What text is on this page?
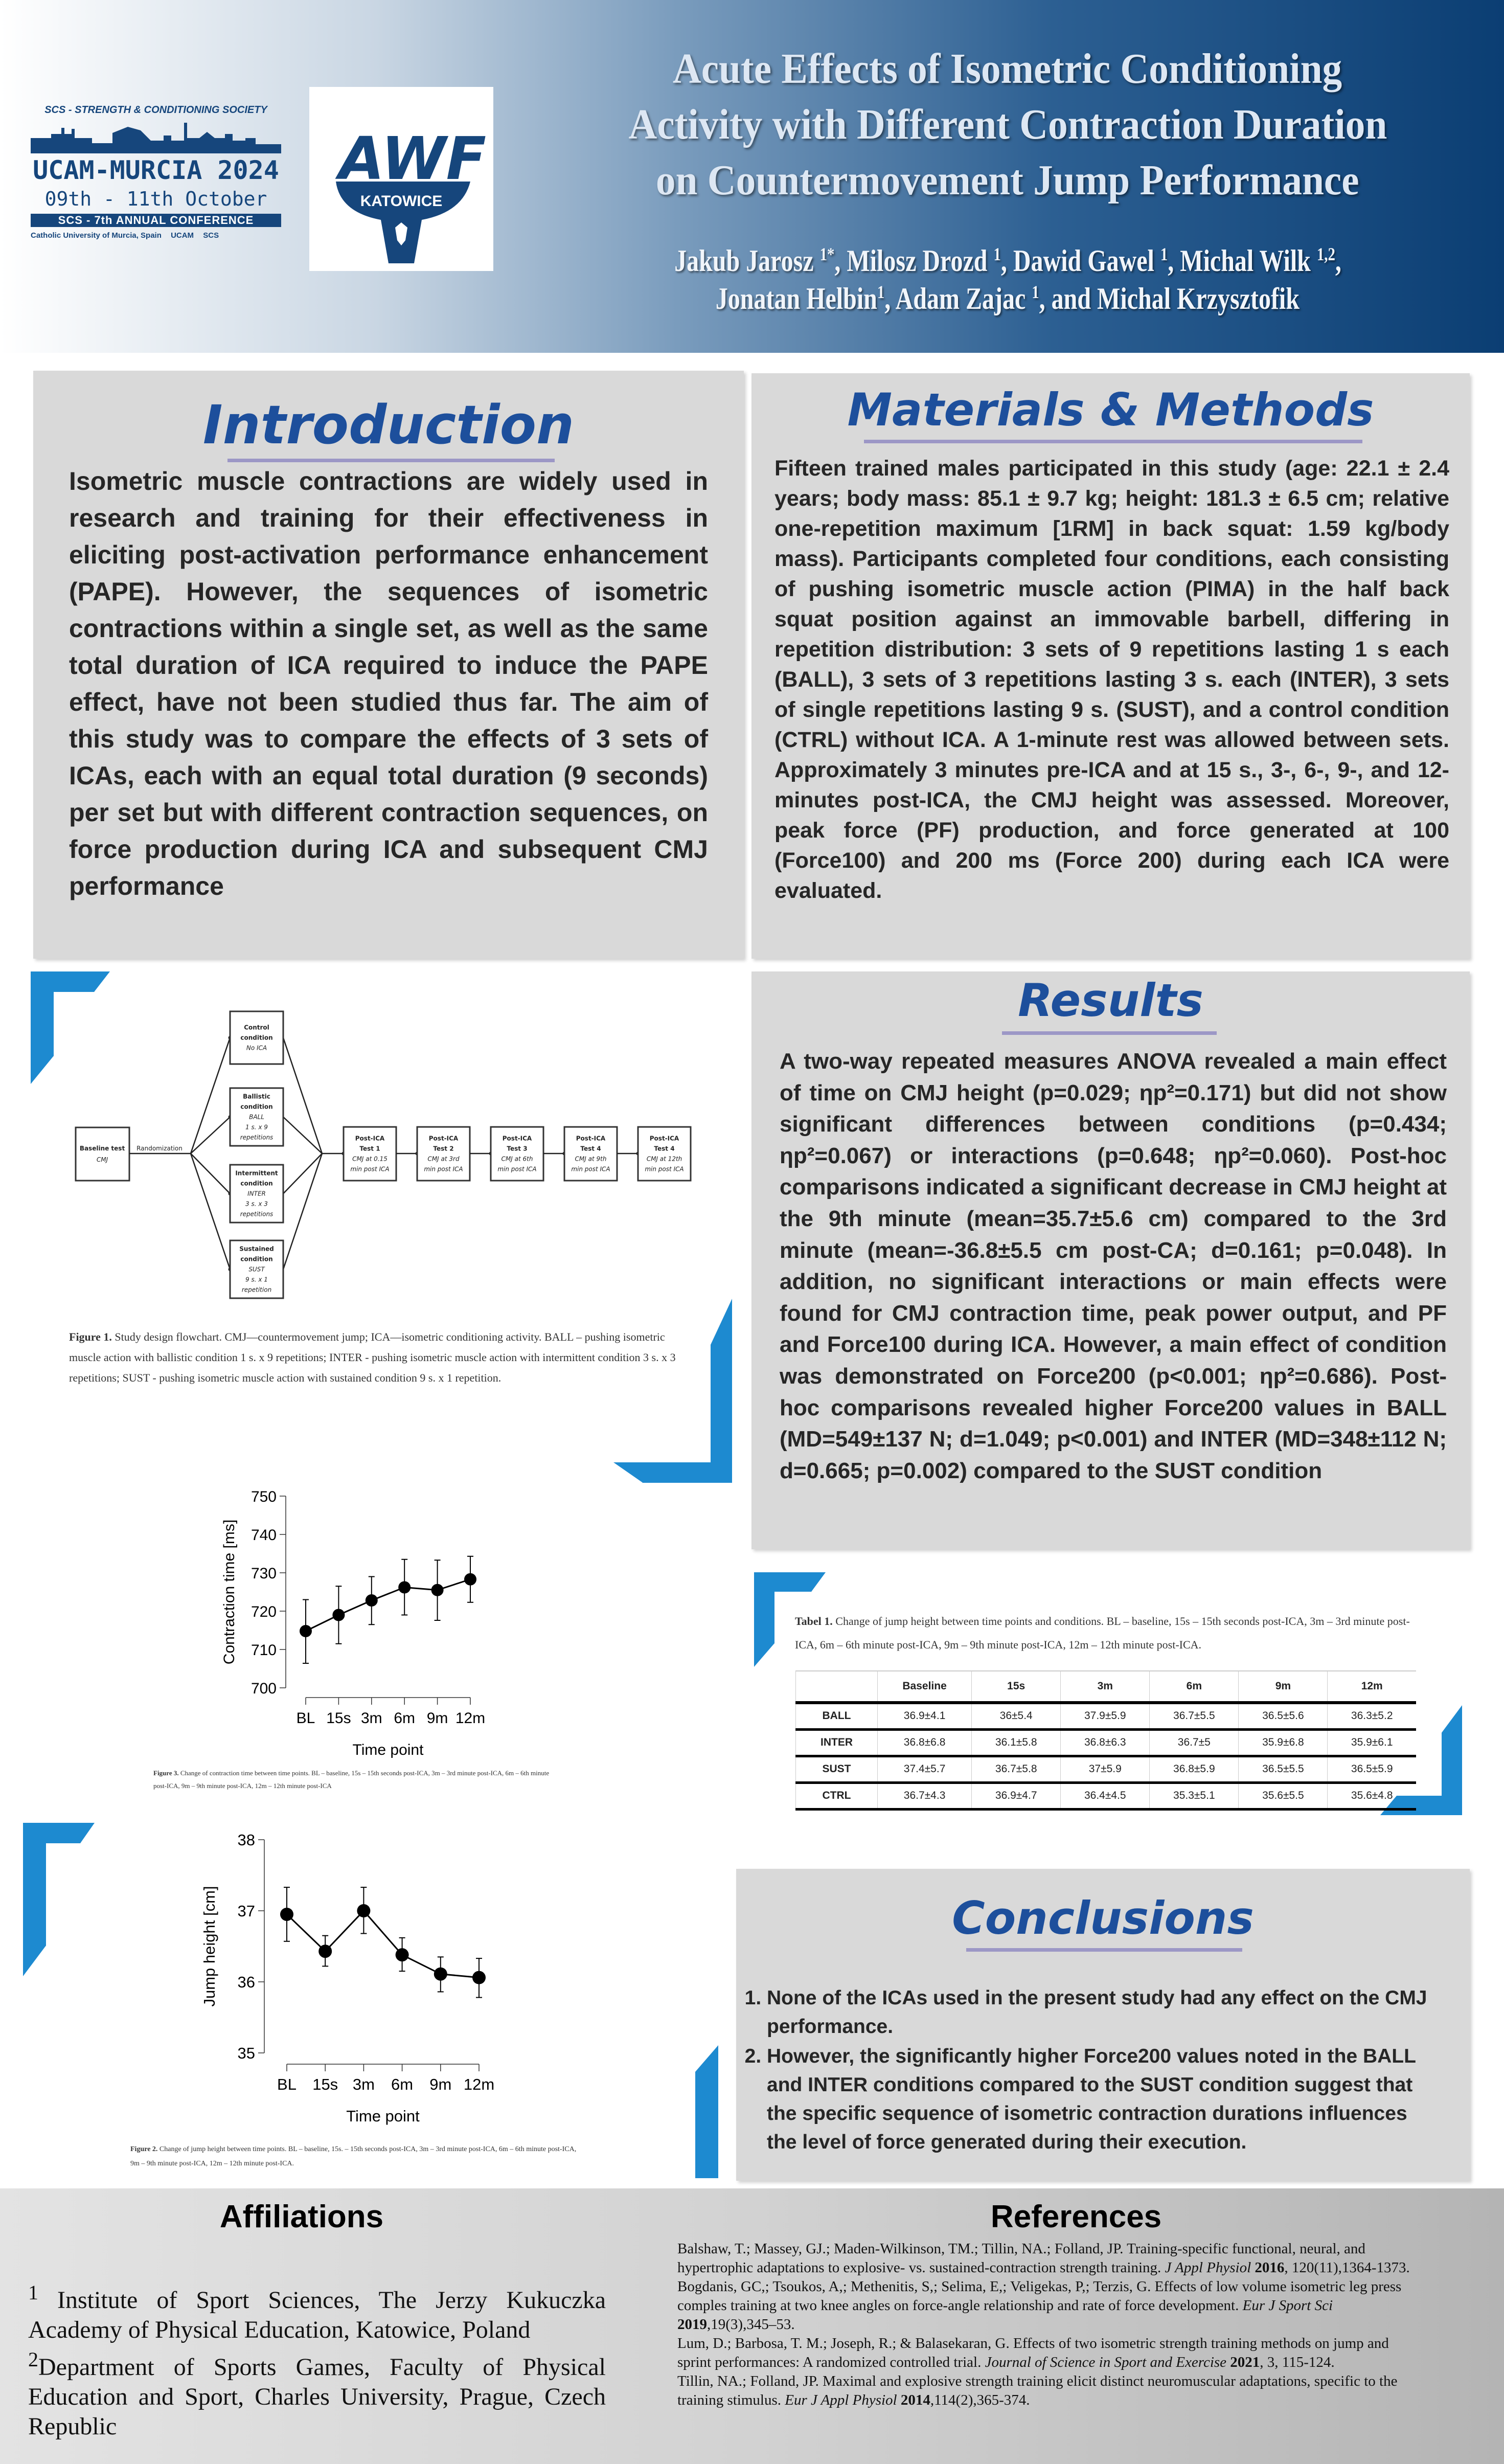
SCS - STRENGTH & CONDITIONING SOCIETY
UCAM-MURCIA 2024
09th - 11th October
SCS - 7th ANNUAL CONFERENCE
Catholic University of Murcia, Spain UCAM SCS
AWF
KATOWICE
Acute Effects of Isometric Conditioning
Activity with Different Contraction Duration
on Countermovement Jump Performance
Jakub Jarosz $^{1*}$, Milosz Drozd $^1$, Dawid Gawel $^1$, Michal Wilk $^{1,2}$,
Jonatan Helbin$^1$, Adam Zajac $^1$, and Michal Krzysztofik
Introduction
Isometric muscle contractions are widely used in research and training for their effectiveness in eliciting post-activation performance enhancement (PAPE). However, the sequences of isometric contractions within a single set, as well as the same total duration of ICA required to induce the PAPE effect, have not been studied thus far. The aim of this study was to compare the effects of 3 sets of ICAs, each with an equal total duration (9 seconds) per set but with different contraction sequences, on force production during ICA and subsequent CMJ performance
Materials & Methods
Fifteen trained males participated in this study (age: 22.1 ± 2.4 years; body mass: 85.1 ± 9.7 kg; height: 181.3 ± 6.5 cm; relative one-repetition maximum [1RM] in back squat: 1.59 kg/body mass). Participants completed four conditions, each consisting of pushing isometric muscle action (PIMA) in the half back squat position against an immovable barbell, differing in repetition distribution: 3 sets of 9 repetitions lasting 1 s each (BALL), 3 sets of 3 repetitions lasting 3 s. each (INTER), 3 sets of single repetitions lasting 9 s. (SUST), and a control condition (CTRL) without ICA. A 1-minute rest was allowed between sets. Approximately 3 minutes pre-ICA and at 15 s., 3-, 6-, 9-, and 12-minutes post-ICA, the CMJ height was assessed. Moreover, peak force (PF) production, and force generated at 100 (Force100) and 200 ms (Force 200) during each ICA were evaluated.
Results
A two-way repeated measures ANOVA revealed a main effect of time on CMJ height (p=0.029; ηp²=0.171) but did not show significant differences between conditions (p=0.434; ηp²=0.067) or interactions (p=0.648; ηp²=0.060). Post-hoc comparisons indicated a significant decrease in CMJ height at the 9th minute (mean=35.7±5.6 cm) compared to the 3rd minute (mean=-36.8±5.5 cm post-CA; d=0.161; p=0.048). In addition, no significant interactions or main effects were found for CMJ contraction time, peak power output, and PF and Force100 during ICA. However, a main effect of condition was demonstrated on Force200 (p<0.001; ηp²=0.686). Post-hoc comparisons revealed higher Force200 values in BALL (MD=549±137 N; d=1.049; p<0.001) and INTER (MD=348±112 N; d=0.665; p=0.002) compared to the SUST condition
Baseline test
CMJ
Randomization
Control
condition
No ICA
Ballistic
condition
BALL
1 s. x 9
repetitions
Intermittent
condition
INTER
3 s. x 3
repetitions
Sustained
condition
SUST
9 s. x 1
repetition
Post-ICA
Test 1
CMJ at 0.15
min post ICA
Post-ICA
Test 2
CMJ at 3rd
min post ICA
Post-ICA
Test 3
CMJ at 6th
min post ICA
Post-ICA
Test 4
CMJ at 9th
min post ICA
Post-ICA
Test 4
CMJ at 12th
min post ICA
Figure 1. Study design flowchart. CMJ—countermovement jump; ICA—isometric conditioning activity. BALL – pushing isometric muscle action with ballistic condition 1 s. x 9 repetitions; INTER - pushing isometric muscle action with intermittent condition 3 s. x 3 repetitions; SUST - pushing isometric muscle action with sustained condition 9 s. x 1 repetition.
700
710
720
730
740
750
BL 15s 3m 6m 9m 12m
Time point
Contraction time [ms]
Figure 3. Change of contraction time between time points. BL – baseline, 15s – 15th seconds post-ICA, 3m – 3rd minute post-ICA, 6m – 6th minute post-ICA, 9m – 9th minute post-ICA, 12m – 12th minute post-ICA
35
36
37
38
BL 15s 3m 6m 9m 12m
Time point
Jump height [cm]
Figure 2. Change of jump height between time points. BL – baseline, 15s. – 15th seconds post-ICA, 3m – 3rd minute post-ICA, 6m – 6th minute post-ICA, 9m – 9th minute post-ICA, 12m – 12th minute post-ICA.
Tabel 1. Change of jump height between time points and conditions. BL – baseline, 15s – 15th seconds post-ICA, 3m – 3rd minute post-ICA, 6m – 6th minute post-ICA, 9m – 9th minute post-ICA, 12m – 12th minute post-ICA.
	Baseline	15s	3m	6m	9m	12m
BALL	36.9±4.1	36±5.4	37.9±5.9	36.7±5.5	36.5±5.6	36.3±5.2
INTER	36.8±6.8	36.1±5.8	36.8±6.3	36.7±5	35.9±6.8	35.9±6.1
SUST	37.4±5.7	36.7±5.8	37±5.9	36.8±5.9	36.5±5.5	36.5±5.9
CTRL	36.7±4.3	36.9±4.7	36.4±4.5	35.3±5.1	35.6±5.5	35.6±4.8
Conclusions
1. None of the ICAs used in the present study had any effect on the CMJ performance.
2. However, the significantly higher Force200 values noted in the BALL and INTER conditions compared to the SUST condition suggest that the specific sequence of isometric contraction durations influences the level of force generated during their execution.
Affiliations	References
$^1$ Institute of Sport Sciences, The Jerzy Kukuczka Academy of Physical Education, Katowice, Poland
$^2$Department of Sports Games, Faculty of Physical Education and Sport, Charles University, Prague, Czech Republic

Balshaw, T.; Massey, GJ.; Maden-Wilkinson, TM.; Tillin, NA.; Folland, JP. Training-specific functional, neural, and hypertrophic adaptations to explosive- vs. sustained-contraction strength training. J Appl Physiol 2016, 120(11),1364-1373.

Bogdanis, GC,; Tsoukos, A,; Methenitis, S,; Selima, E,; Veligekas, P,; Terzis, G. Effects of low volume isometric leg press comples training at two knee angles on force-angle relationship and rate of force development. Eur J Sport Sci 2019,19(3),345–53.

Lum, D.; Barbosa, T. M.; Joseph, R.; & Balasekaran, G. Effects of two isometric strength training methods on jump and sprint performances: A randomized controlled trial. Journal of Science in Sport and Exercise 2021, 3, 115-124.

Tillin, NA.; Folland, JP. Maximal and explosive strength training elicit distinct neuromuscular adaptations, specific to the training stimulus. Eur J Appl Physiol 2014,114(2),365-374.
